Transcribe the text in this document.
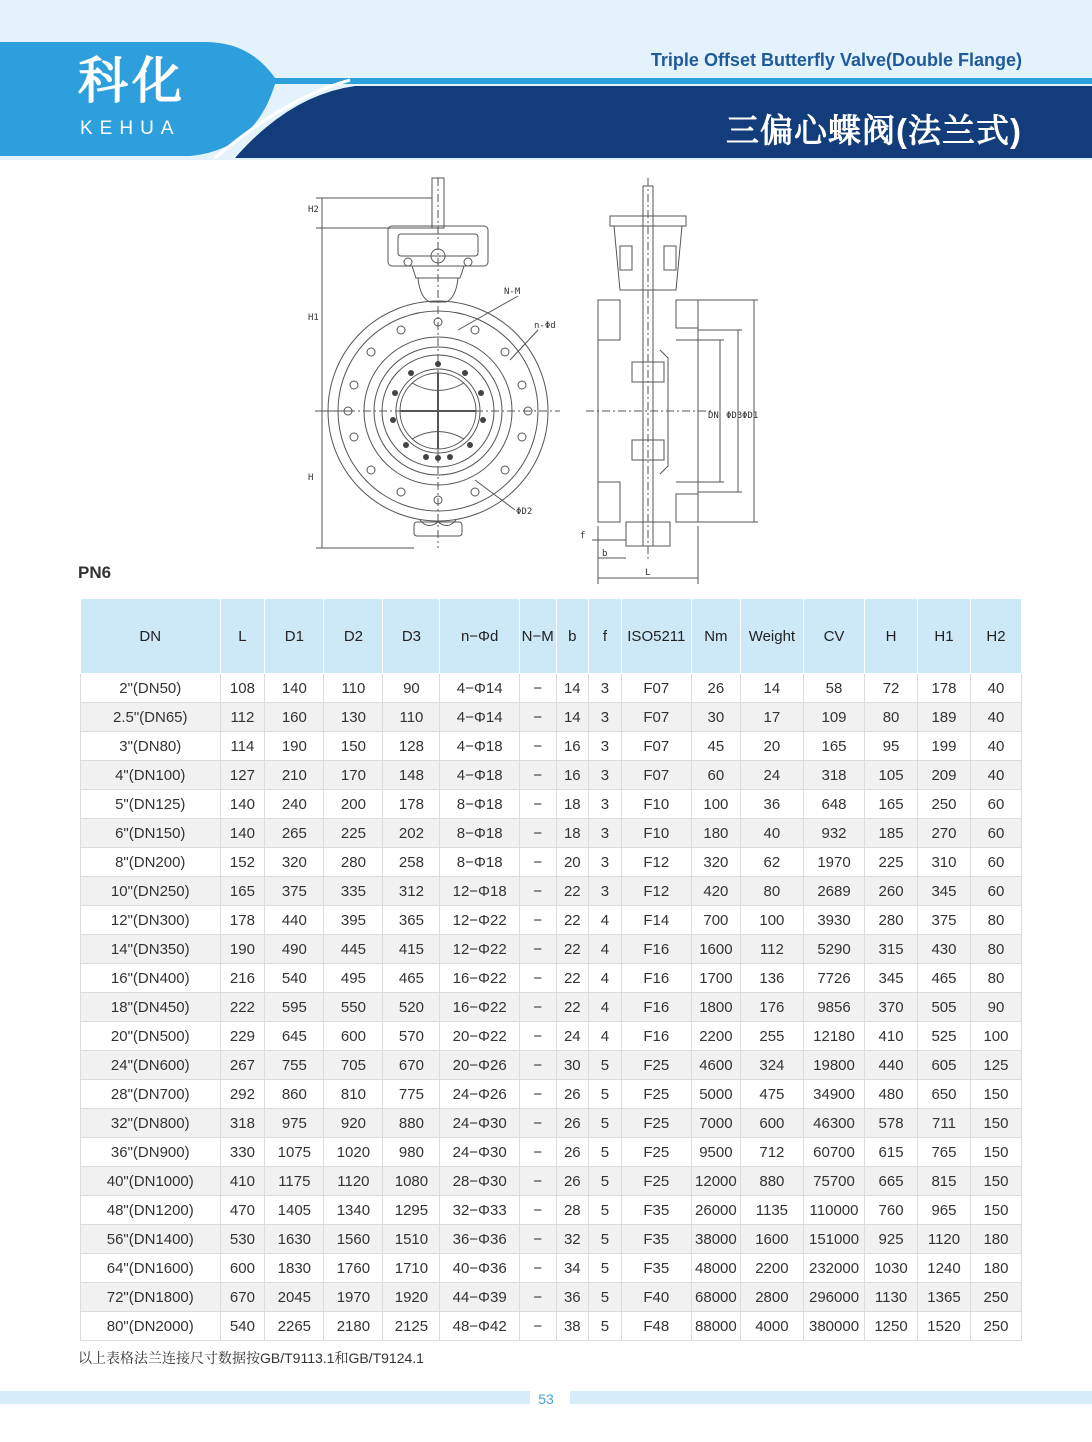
科化
KEHUA
Triple Offset Butterfly Valve(Double Flange)
三偏心蝶阀(法兰式)
H2
H1
H
N-M
n-Φd
ΦD2
DN ΦD3 ΦD1
f
b
L
PN6
DN	L	D1	D2	D3	n−Φd	N−M	b	f	ISO5211	Nm	Weight	CV	H	H1	H2
2"(DN50)	108	140	110	90	4−Φ14	−	14	3	F07	26	14	58	72	178	40
2.5"(DN65)	112	160	130	110	4−Φ14	−	14	3	F07	30	17	109	80	189	40
3"(DN80)	114	190	150	128	4−Φ18	−	16	3	F07	45	20	165	95	199	40
4"(DN100)	127	210	170	148	4−Φ18	−	16	3	F07	60	24	318	105	209	40
5"(DN125)	140	240	200	178	8−Φ18	−	18	3	F10	100	36	648	165	250	60
6"(DN150)	140	265	225	202	8−Φ18	−	18	3	F10	180	40	932	185	270	60
8"(DN200)	152	320	280	258	8−Φ18	−	20	3	F12	320	62	1970	225	310	60
10"(DN250)	165	375	335	312	12−Φ18	−	22	3	F12	420	80	2689	260	345	60
12"(DN300)	178	440	395	365	12−Φ22	−	22	4	F14	700	100	3930	280	375	80
14"(DN350)	190	490	445	415	12−Φ22	−	22	4	F16	1600	112	5290	315	430	80
16"(DN400)	216	540	495	465	16−Φ22	−	22	4	F16	1700	136	7726	345	465	80
18"(DN450)	222	595	550	520	16−Φ22	−	22	4	F16	1800	176	9856	370	505	90
20"(DN500)	229	645	600	570	20−Φ22	−	24	4	F16	2200	255	12180	410	525	100
24"(DN600)	267	755	705	670	20−Φ26	−	30	5	F25	4600	324	19800	440	605	125
28"(DN700)	292	860	810	775	24−Φ26	−	26	5	F25	5000	475	34900	480	650	150
32"(DN800)	318	975	920	880	24−Φ30	−	26	5	F25	7000	600	46300	578	711	150
36"(DN900)	330	1075	1020	980	24−Φ30	−	26	5	F25	9500	712	60700	615	765	150
40"(DN1000)	410	1175	1120	1080	28−Φ30	−	26	5	F25	12000	880	75700	665	815	150
48"(DN1200)	470	1405	1340	1295	32−Φ33	−	28	5	F35	26000	1135	110000	760	965	150
56"(DN1400)	530	1630	1560	1510	36−Φ36	−	32	5	F35	38000	1600	151000	925	1120	180
64"(DN1600)	600	1830	1760	1710	40−Φ36	−	34	5	F35	48000	2200	232000	1030	1240	180
72"(DN1800)	670	2045	1970	1920	44−Φ39	−	36	5	F40	68000	2800	296000	1130	1365	250
80"(DN2000)	540	2265	2180	2125	48−Φ42	−	38	5	F48	88000	4000	380000	1250	1520	250
以上表格法兰连接尺寸数据按GB/T9113.1和GB/T9124.1
53
